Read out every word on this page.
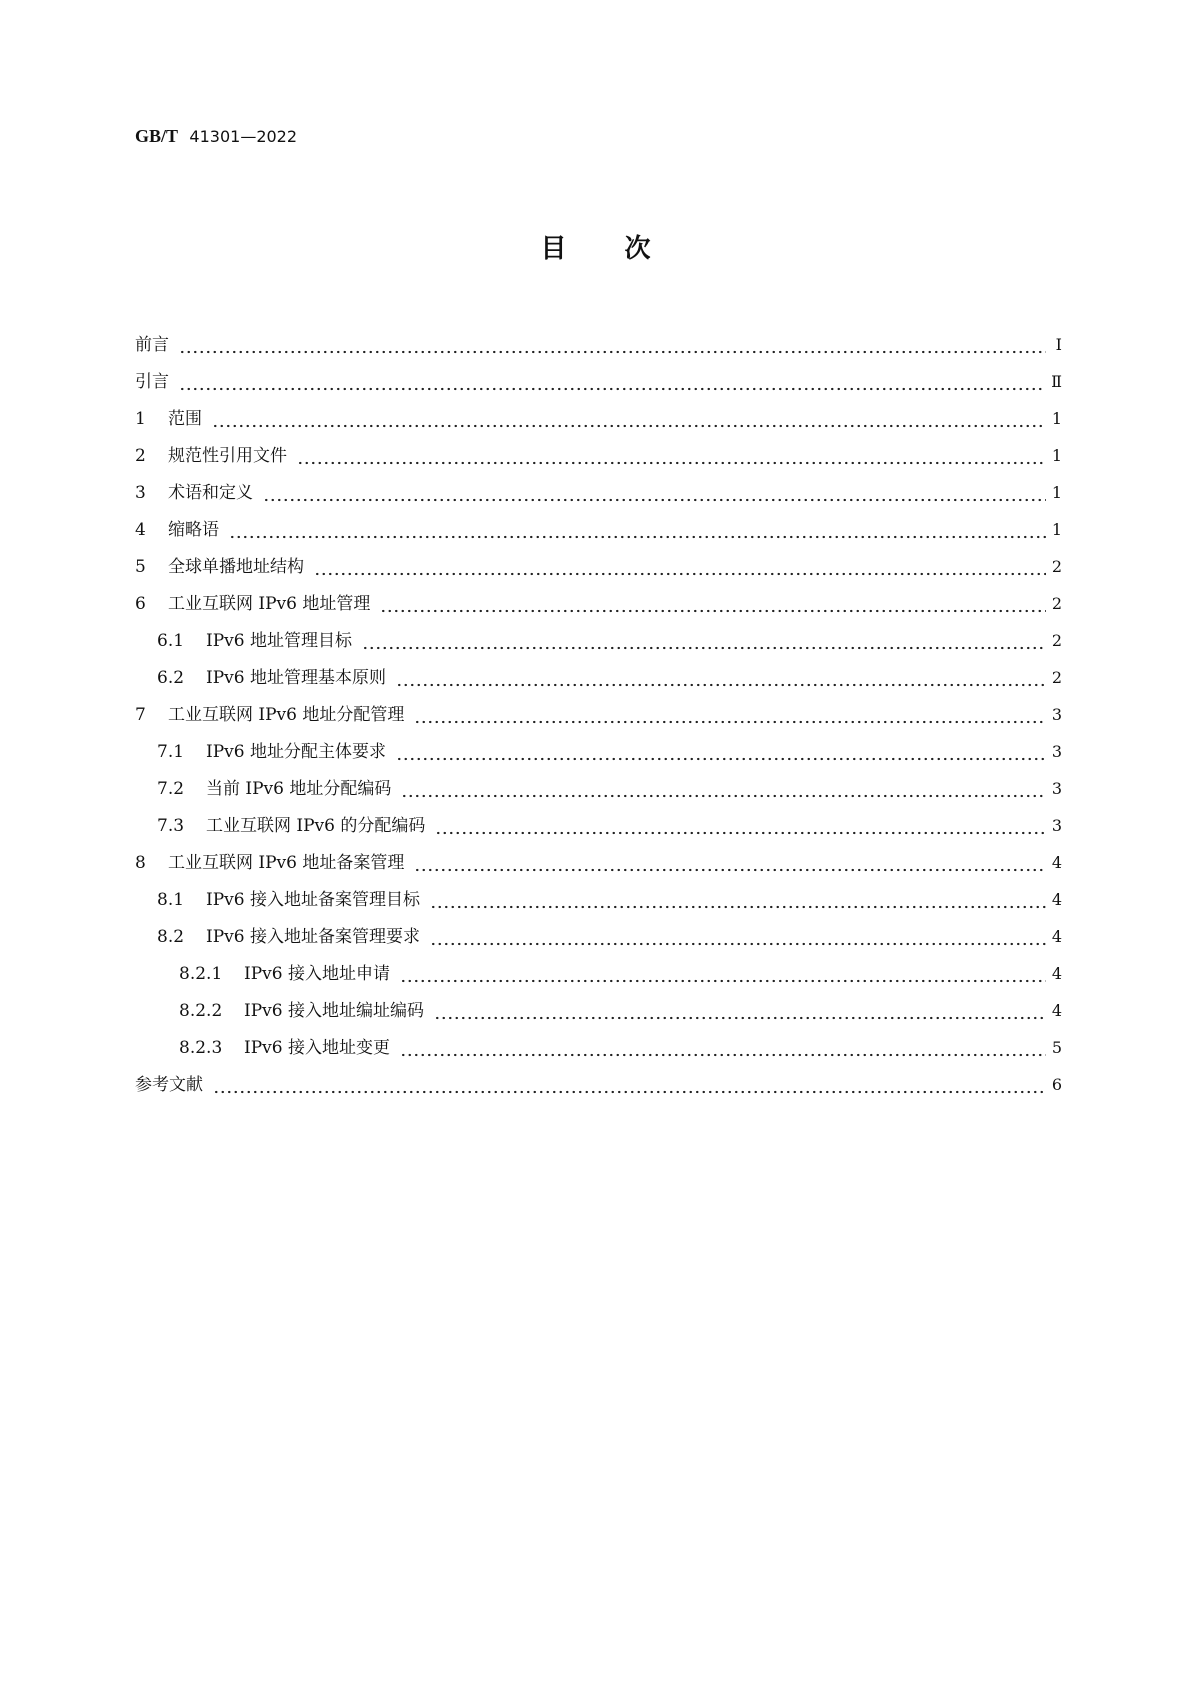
GB/T 41301—2022
目 次
前言	Ⅰ
引言	Ⅱ
1	范围	1
2	规范性引用文件	1
3	术语和定义	1
4	缩略语	1
5	全球单播地址结构	2
6	工业互联网 IPv6 地址管理	2
6.1	IPv6 地址管理目标	2
6.2	IPv6 地址管理基本原则	2
7	工业互联网 IPv6 地址分配管理	3
7.1	IPv6 地址分配主体要求	3
7.2	当前 IPv6 地址分配编码	3
7.3	工业互联网 IPv6 的分配编码	3
8	工业互联网 IPv6 地址备案管理	4
8.1	IPv6 接入地址备案管理目标	4
8.2	IPv6 接入地址备案管理要求	4
8.2.1	IPv6 接入地址申请	4
8.2.2	IPv6 接入地址编址编码	4
8.2.3	IPv6 接入地址变更	5
参考文献	6
